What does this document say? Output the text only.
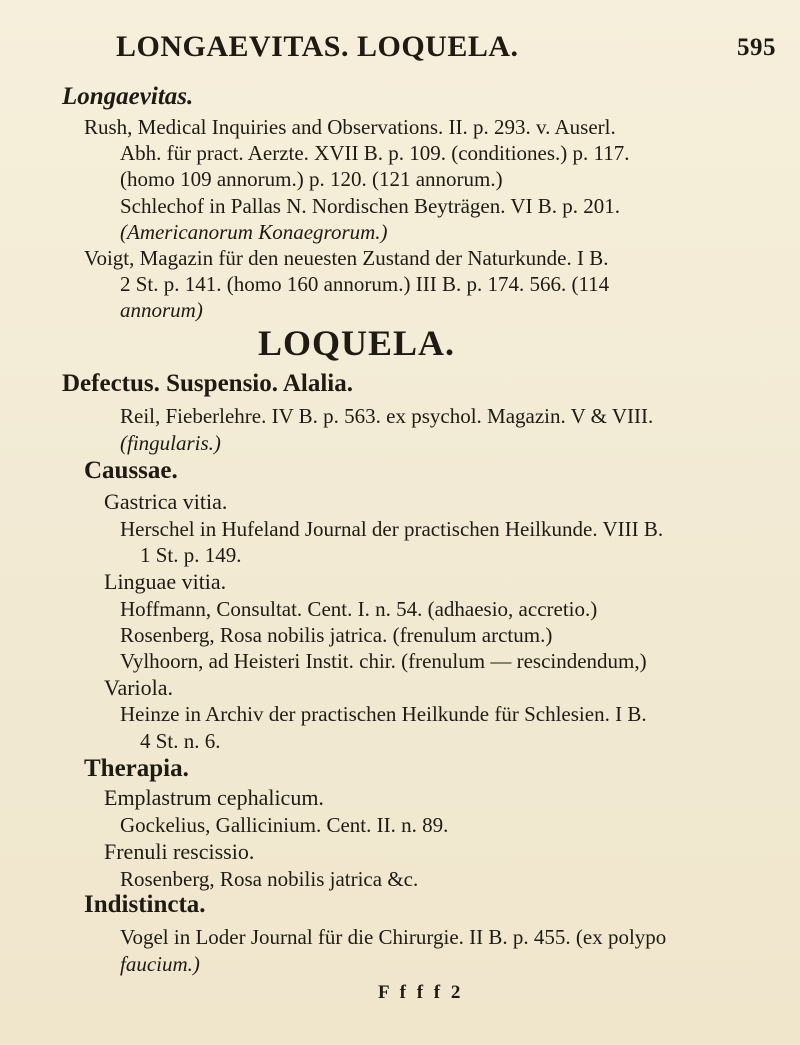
LONGAEVITAS. LOQUELA.	595
Longaevitas.
Rush, Medical Inquiries and Observations. II. p. 293. v. Auserl.
Abh. für pract. Aerzte. XVII B. p. 109. (conditiones.) p. 117.
(homo 109 annorum.) p. 120. (121 annorum.)
Schlechof in Pallas N. Nordischen Beyträgen. VI B. p. 201.
(Americanorum Konaegrorum.)
Voigt, Magazin für den neuesten Zustand der Naturkunde. I B.
2 St. p. 141. (homo 160 annorum.) III B. p. 174. 566. (114
annorum)
LOQUELA.
Defectus. Suspensio. Alalia.
Reil, Fieberlehre. IV B. p. 563. ex psychol. Magazin. V & VIII.
(fingularis.)
Caussae.
Gastrica vitia.
Herschel in Hufeland Journal der practischen Heilkunde. VIII B.
1 St. p. 149.
Linguae vitia.
Hoffmann, Consultat. Cent. I. n. 54. (adhaesio, accretio.)
Rosenberg, Rosa nobilis jatrica. (frenulum arctum.)
Vylhoorn, ad Heisteri Instit. chir. (frenulum — rescindendum,)
Variola.
Heinze in Archiv der practischen Heilkunde für Schlesien. I B.
4 St. n. 6.
Therapia.
Emplastrum cephalicum.
Gockelius, Gallicinium. Cent. II. n. 89.
Frenuli rescissio.
Rosenberg, Rosa nobilis jatrica &c.
Indistincta.
Vogel in Loder Journal für die Chirurgie. II B. p. 455. (ex polypo
faucium.)
F f f f 2
